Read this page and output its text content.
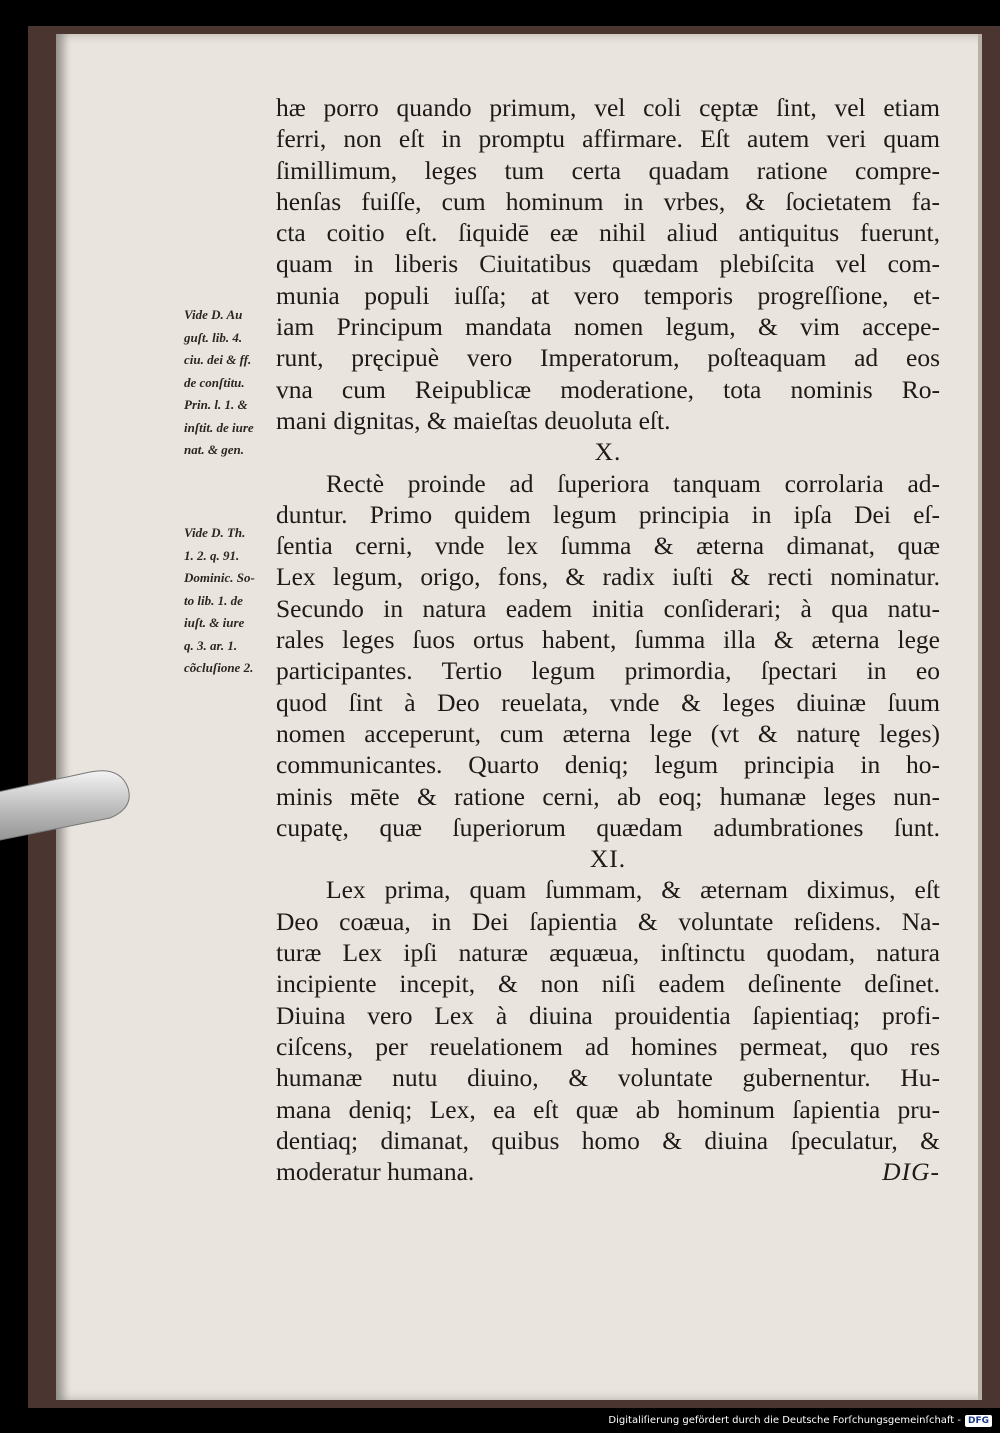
Vide D. Au
guſt. lib. 4.
ciu. dei & ff.
de conſtitu.
Prin. l. 1. &
inſtit. de iure
nat. & gen.
Vide D. Th.
1. 2. q. 91.
Dominic. So-
to lib. 1. de
iuſt. & iure
q. 3. ar. 1.
cõcluſione 2.
hæ porro quando primum, vel coli cęptæ ſint, vel etiam
ferri, non eſt in promptu affirmare. Eſt autem veri quam
ſimillimum, leges tum certa quadam ratione compre-
henſas fuiſſe, cum hominum in vrbes, & ſocietatem fa-
cta coitio eſt. ſiquidē eæ nihil aliud antiquitus fuerunt,
quam in liberis Ciuitatibus quædam plebiſcita vel com-
munia populi iuſſa; at vero temporis progreſſione, et-
iam Principum mandata nomen legum, & vim accepe-
runt, pręcipuè vero Imperatorum, poſteaquam ad eos
vna cum Reipublicæ moderatione, tota nominis Ro-
mani dignitas, & maieſtas deuoluta eſt.
X.
Rectè proinde ad ſuperiora tanquam corrolaria ad-
duntur. Primo quidem legum principia in ipſa Dei eſ-
ſentia cerni, vnde lex ſumma & æterna dimanat, quæ
Lex legum, origo, fons, & radix iuſti & recti nominatur.
Secundo in natura eadem initia conſiderari; à qua natu-
rales leges ſuos ortus habent, ſumma illa & æterna lege
participantes. Tertio legum primordia, ſpectari in eo
quod ſint à Deo reuelata, vnde & leges diuinæ ſuum
nomen acceperunt, cum æterna lege (vt & naturę leges)
communicantes. Quarto deniq; legum principia in ho-
minis mēte & ratione cerni, ab eoq; humanæ leges nun-
cupatę, quæ ſuperiorum quædam adumbrationes ſunt.
XI.
Lex prima, quam ſummam, & æternam diximus, eſt
Deo coæua, in Dei ſapientia & voluntate reſidens. Na-
turæ Lex ipſi naturæ æquæua, inſtinctu quodam, natura
incipiente incepit, & non niſi eadem deſinente deſinet.
Diuina vero Lex à diuina prouidentia ſapientiaq; profi-
ciſcens, per reuelationem ad homines permeat, quo res
humanæ nutu diuino, & voluntate gubernentur. Hu-
mana deniq; Lex, ea eſt quæ ab hominum ſapientia pru-
dentiaq; dimanat, quibus homo & diuina ſpeculatur, &
moderatur humana.	DIG-
Digitaliſierung gefördert durch die Deutsche Forſchungsgemeinſchaft - DFG
